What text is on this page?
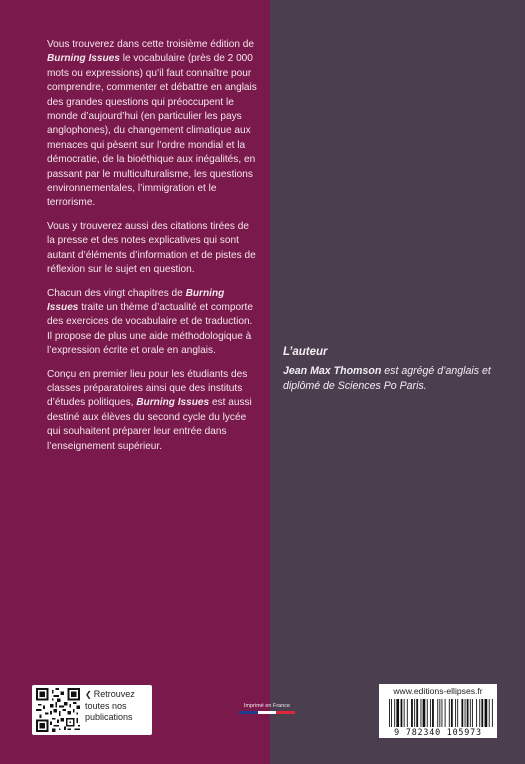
Vous trouverez dans cette troisième édition de Burning Issues le vocabulaire (près de 2 000 mots ou expressions) qu’il faut connaître pour comprendre, commenter et débattre en anglais des grandes questions qui préoccupent le monde d’aujourd’hui (en particulier les pays anglophones), du changement climatique aux menaces qui pèsent sur l’ordre mondial et la démocratie, de la bioéthique aux inégalités, en passant par le multiculturalisme, les questions environnementales, l’immigration et le terrorisme.

Vous y trouverez aussi des citations tirées de la presse et des notes explicatives qui sont autant d’éléments d’information et de pistes de réflexion sur le sujet en question.

Chacun des vingt chapitres de Burning Issues traite un thème d’actualité et comporte des exercices de vocabulaire et de traduction. Il propose de plus une aide méthodologique à l’expression écrite et orale en anglais.

Conçu en premier lieu pour les étudiants des classes préparatoires ainsi que des instituts d’études politiques, Burning Issues est aussi destiné aux élèves du second cycle du lycée qui souhaitent préparer leur entrée dans l’enseignement supérieur.

L’auteur

Jean Max Thomson est agrégé d’anglais et diplômé de Sciences Po Paris.

❮ Retrouvez toutes nos publications
Imprimé en France
www.editions-ellipses.fr
9 782340 105973
